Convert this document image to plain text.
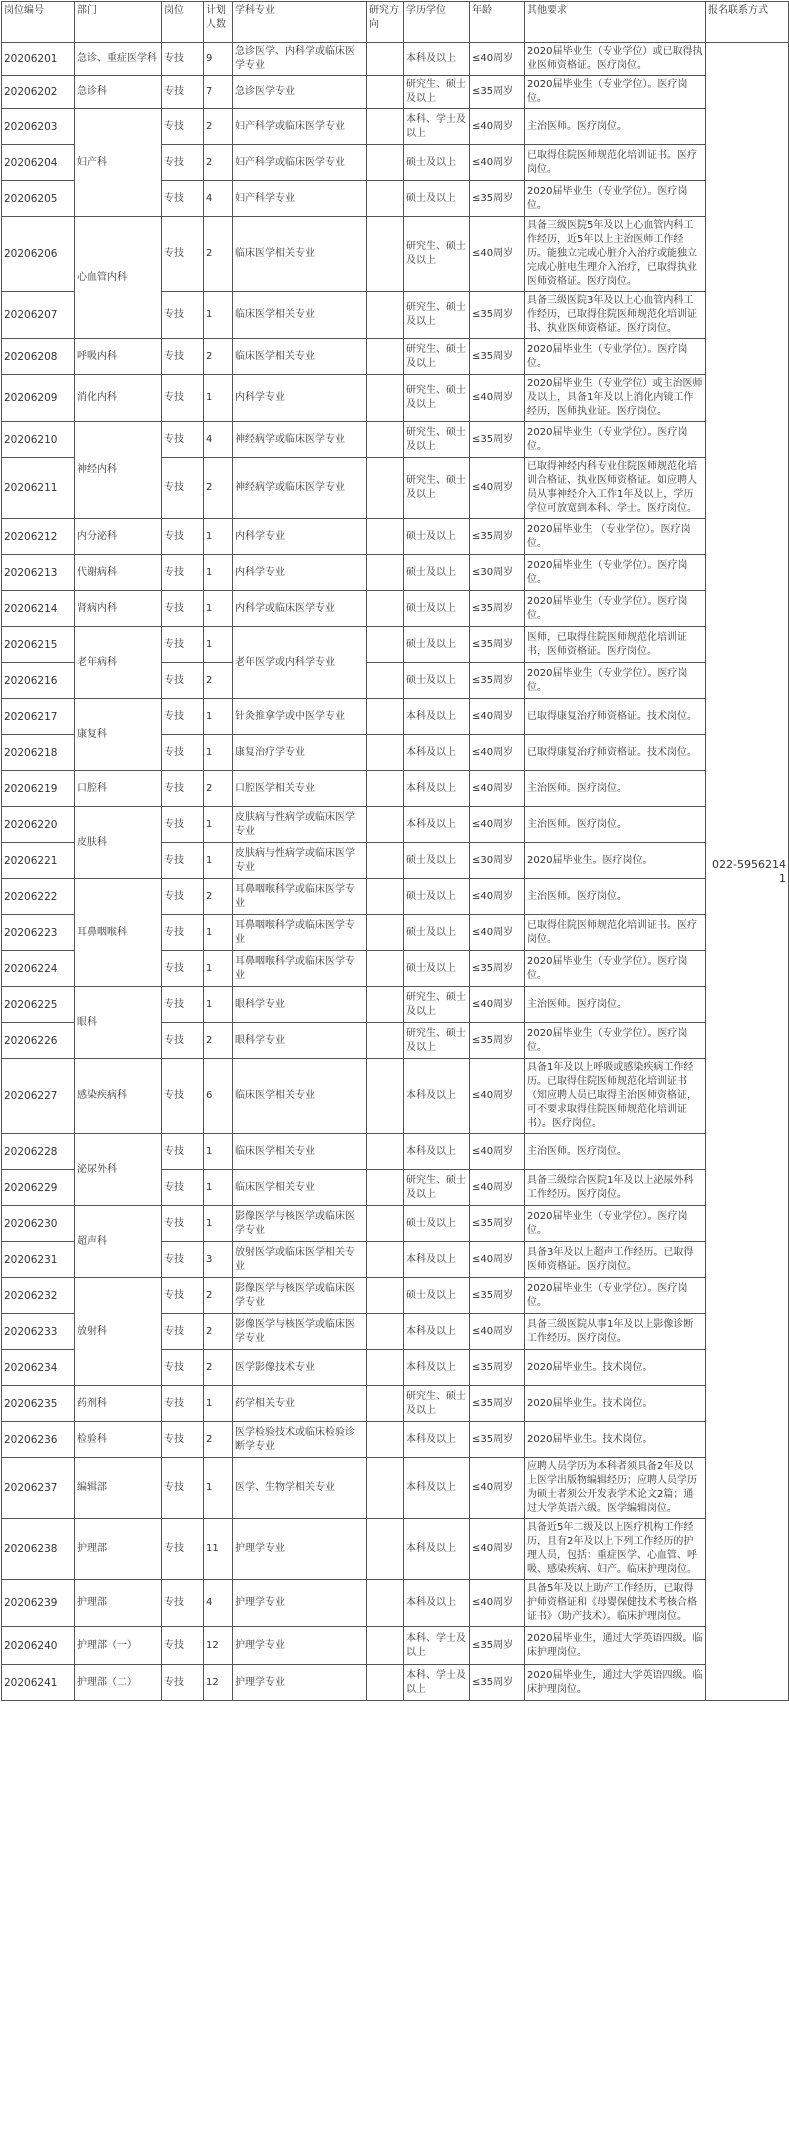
岗位编号	部门	岗位	计划人数	学科专业	研究方向	学历学位	年龄	其他要求	报名联系方式
20206201	急诊、重症医学科	专技	9	急诊医学、内科学或临床医学专业		本科及以上	≤40周岁	2020届毕业生（专业学位）或已取得执业医师资格证。医疗岗位。	022-59562141
20206202	急诊科	专技	7	急诊医学专业		研究生、硕士及以上	≤35周岁	2020届毕业生（专业学位）。医疗岗位。	
20206203	妇产科	专技	2	妇产科学或临床医学专业		本科、学士及以上	≤40周岁	主治医师。医疗岗位。	
20206204		专技	2	妇产科学或临床医学专业		硕士及以上	≤40周岁	已取得住院医师规范化培训证书。医疗岗位。	
20206205		专技	4	妇产科学专业		硕士及以上	≤35周岁	2020届毕业生（专业学位）。医疗岗位。	
20206206	心血管内科	专技	2	临床医学相关专业		研究生、硕士及以上	≤40周岁	具备三级医院5年及以上心血管内科工作经历，近5年以上主治医师工作经历。能独立完成心脏介入治疗或能独立完成心脏电生理介入治疗，已取得执业医师资格证。医疗岗位。	
20206207		专技	1	临床医学相关专业		研究生、硕士及以上	≤35周岁	具备三级医院3年及以上心血管内科工作经历，已取得住院医师规范化培训证书、执业医师资格证。医疗岗位。	
20206208	呼吸内科	专技	2	临床医学相关专业		研究生、硕士及以上	≤35周岁	2020届毕业生（专业学位）。医疗岗位。	
20206209	消化内科	专技	1	内科学专业		研究生、硕士及以上	≤40周岁	2020届毕业生（专业学位）或主治医师及以上，具备1年及以上消化内镜工作经历，医师执业证。医疗岗位。	
20206210	神经内科	专技	4	神经病学或临床医学专业		研究生、硕士及以上	≤35周岁	2020届毕业生（专业学位）。医疗岗位。	
20206211		专技	2	神经病学或临床医学专业		研究生、硕士及以上	≤40周岁	已取得神经内科专业住院医师规范化培训合格证、执业医师资格证。如应聘人员从事神经介入工作1年及以上，学历学位可放宽到本科、学士。医疗岗位。	
20206212	内分泌科	专技	1	内科学专业		硕士及以上	≤35周岁	2020届毕业生 （专业学位）。医疗岗位。	
20206213	代谢病科	专技	1	内科学专业		硕士及以上	≤30周岁	2020届毕业生（专业学位）。医疗岗位。	
20206214	肾病内科	专技	1	内科学或临床医学专业		硕士及以上	≤35周岁	2020届毕业生（专业学位）。医疗岗位。	
20206215	老年病科	专技	1	老年医学或内科学专业		硕士及以上	≤35周岁	医师，已取得住院医师规范化培训证书，医师资格证。医疗岗位。	
20206216		专技	2			硕士及以上	≤35周岁	2020届毕业生（专业学位）。医疗岗位。	
20206217	康复科	专技	1	针灸推拿学或中医学专业		本科及以上	≤40周岁	已取得康复治疗师资格证。技术岗位。	
20206218		专技	1	康复治疗学专业		本科及以上	≤40周岁	已取得康复治疗师资格证。技术岗位。	
20206219	口腔科	专技	2	口腔医学相关专业		本科及以上	≤40周岁	主治医师。医疗岗位。	
20206220	皮肤科	专技	1	皮肤病与性病学或临床医学专业		本科及以上	≤40周岁	主治医师。医疗岗位。	
20206221		专技	1	皮肤病与性病学或临床医学专业		硕士及以上	≤30周岁	2020届毕业生。医疗岗位。	
20206222	耳鼻咽喉科	专技	2	耳鼻咽喉科学或临床医学专业		硕士及以上	≤40周岁	主治医师。医疗岗位。	
20206223		专技	1	耳鼻咽喉科学或临床医学专业		硕士及以上	≤40周岁	已取得住院医师规范化培训证书。医疗岗位。	
20206224		专技	1	耳鼻咽喉科学或临床医学专业		硕士及以上	≤35周岁	2020届毕业生（专业学位）。医疗岗位。	
20206225	眼科	专技	1	眼科学专业		研究生、硕士及以上	≤40周岁	主治医师。医疗岗位。	
20206226		专技	2	眼科学专业		研究生、硕士及以上	≤35周岁	2020届毕业生（专业学位）。医疗岗位。	
20206227	感染疾病科	专技	6	临床医学相关专业		本科及以上	≤40周岁	具备1年及以上呼吸或感染疾病工作经历。已取得住院医师规范化培训证书（知应聘人员已取得主治医师资格证，可不要求取得住院医师规范化培训证书）。医疗岗位。	
20206228	泌尿外科	专技	1	临床医学相关专业		本科及以上	≤40周岁	主治医师。医疗岗位。	
20206229		专技	1	临床医学相关专业		研究生、硕士及以上	≤40周岁	具备三级综合医院1年及以上泌尿外科工作经历。医疗岗位。	
20206230	超声科	专技	1	影像医学与核医学或临床医学专业		硕士及以上	≤35周岁	2020届毕业生（专业学位）。医疗岗位。	
20206231		专技	3	放射医学或临床医学相关专业		本科及以上	≤40周岁	具备3年及以上超声工作经历。已取得医师资格证。医疗岗位。	
20206232	放射科	专技	2	影像医学与核医学或临床医学专业		硕士及以上	≤35周岁	2020届毕业生（专业学位）。医疗岗位。	
20206233		专技	2	影像医学与核医学或临床医学专业		本科及以上	≤40周岁	具备三级医院从事1年及以上影像诊断工作经历。医疗岗位。	
20206234		专技	2	医学影像技术专业		本科及以上	≤35周岁	2020届毕业生。技术岗位。	
20206235	药剂科	专技	1	药学相关专业		研究生、硕士及以上	≤35周岁	2020届毕业生。技术岗位。	
20206236	检验科	专技	2	医学检验技术或临床检验诊断学专业		本科及以上	≤35周岁	2020届毕业生。技术岗位。	
20206237	编辑部	专技	1	医学、生物学相关专业		本科及以上	≤40周岁	应聘人员学历为本科者须具备2年及以上医学出版物编辑经历；应聘人员学历为硕士者须公开发表学术论文2篇；通过大学英语六级。医学编辑岗位。	
20206238	护理部	专技	11	护理学专业		本科及以上	≤40周岁	具备近5年二级及以上医疗机构工作经历，且有2年及以上下列工作经历的护理人员，包括：重症医学、心血管、呼吸、感染疾病、妇产。临床护理岗位。	
20206239	护理部	专技	4	护理学专业		本科及以上	≤40周岁	具备5年及以上助产工作经历，已取得护师资格证和《母婴保健技术考核合格证书》（助产技术）。临床护理岗位。	
20206240	护理部（一）	专技	12	护理学专业		本科、学士及以上	≤35周岁	2020届毕业生，通过大学英语四级。临床护理岗位。	
20206241	护理部（二）	专技	12	护理学专业		本科、学士及以上	≤35周岁	2020届毕业生，通过大学英语四级。临床护理岗位。	
